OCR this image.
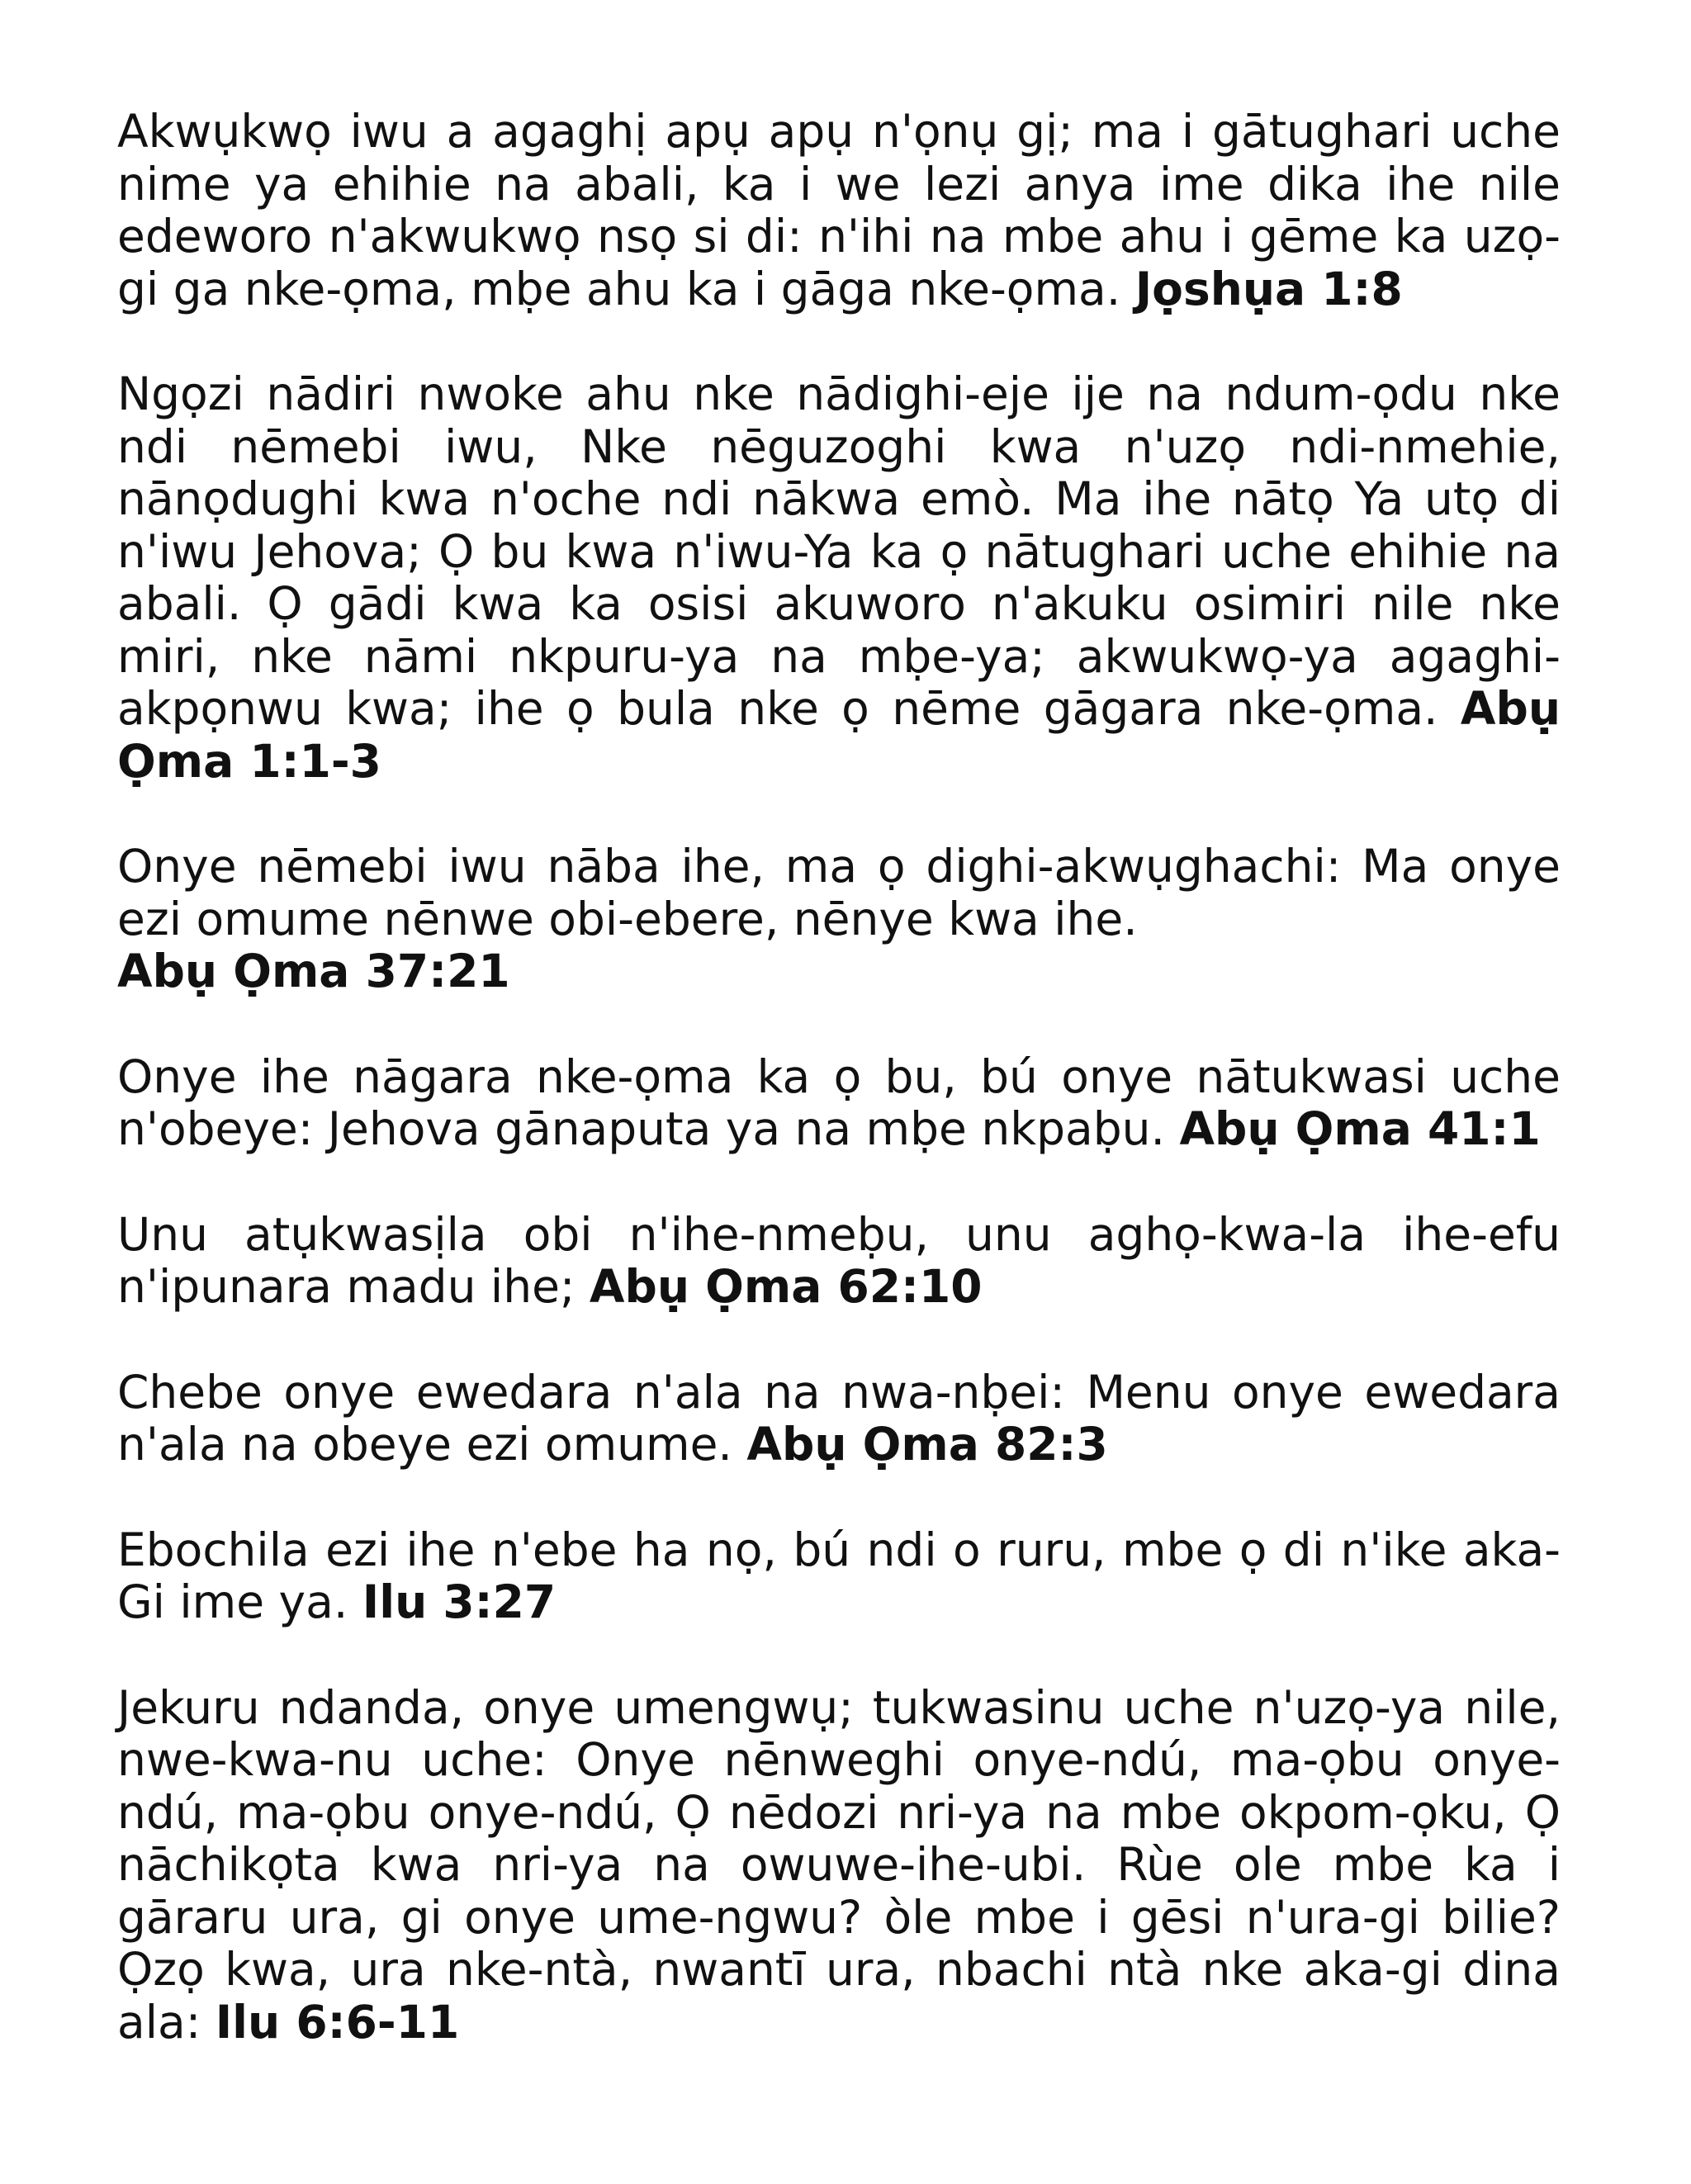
Akwụkwọ iwu a agaghị apụ apụ n'ọnụ gị; ma i gātughari uche nime ya ehihie na abali, ka i we lezi anya ime dika ihe nile edeworo n'akwukwọ nsọ si di: n'ihi na mbe ahu i gēme ka uzọ-gi ga nke-ọma, mḅe ahu ka i gāga nke-ọma. Jọshụa 1:8

Ngọzi nādiri nwoke ahu nke nādighi-eje ije na ndum-ọdu nke ndi nēmebi iwu, Nke nēguzoghi kwa n'uzọ ndi-nmehie, nānọdughi kwa n'oche ndi nākwa emò. Ma ihe nātọ Ya utọ di n'iwu Jehova; Ọ bu kwa n'iwu-Ya ka ọ nātughari uche ehihie na abali. Ọ gādi kwa ka osisi akuworo n'akuku osimiri nile nke miri, nke nāmi nkpuru-ya na mḅe-ya; akwukwọ-ya agaghi-akpọnwu kwa; ihe ọ bula nke ọ nēme gāgara nke-ọma. Abụ Ọma 1:1-3

Onye nēmebi iwu nāba ihe, ma ọ dighi-akwụghachi: Ma onye ezi omume nēnwe obi-ebere, nēnye kwa ihe.
Abụ Ọma 37:21

Onye ihe nāgara nke-ọma ka ọ bu, bú onye nātukwasi uche n'obeye: Jehova gānaputa ya na mḅe nkpaḅu. Abụ Ọma 41:1

Unu atụkwasịla obi n'ihe-nmeḅu, unu aghọ-kwa-la ihe-efu n'ipunara madu ihe; Abụ Ọma 62:10

Chebe onye ewedara n'ala na nwa-nḅei: Menu onye ewedara n'ala na obeye ezi omume. Abụ Ọma 82:3

Ebochila ezi ihe n'ebe ha nọ, bú ndi o ruru, mbe ọ di n'ike aka-Gi ime ya. Ilu 3:27

Jekuru ndanda, onye umengwụ; tukwasinu uche n'uzọ-ya nile, nwe-kwa-nu uche: Onye nēnweghi onye-ndú, ma-ọbu onye-ndú, ma-ọbu onye-ndú, Ọ nēdozi nri-ya na mbe okpom-ọku, Ọ nāchikọta kwa nri-ya na owuwe-ihe-ubi. Rùe ole mbe ka i gāraru ura, gi onye ume-ngwu? òle mbe i gēsi n'ura-gi bilie? Ọzọ kwa, ura nke-ntà, nwantī ura, nbachi ntà nke aka-gi dina ala: Ilu 6:6-11
